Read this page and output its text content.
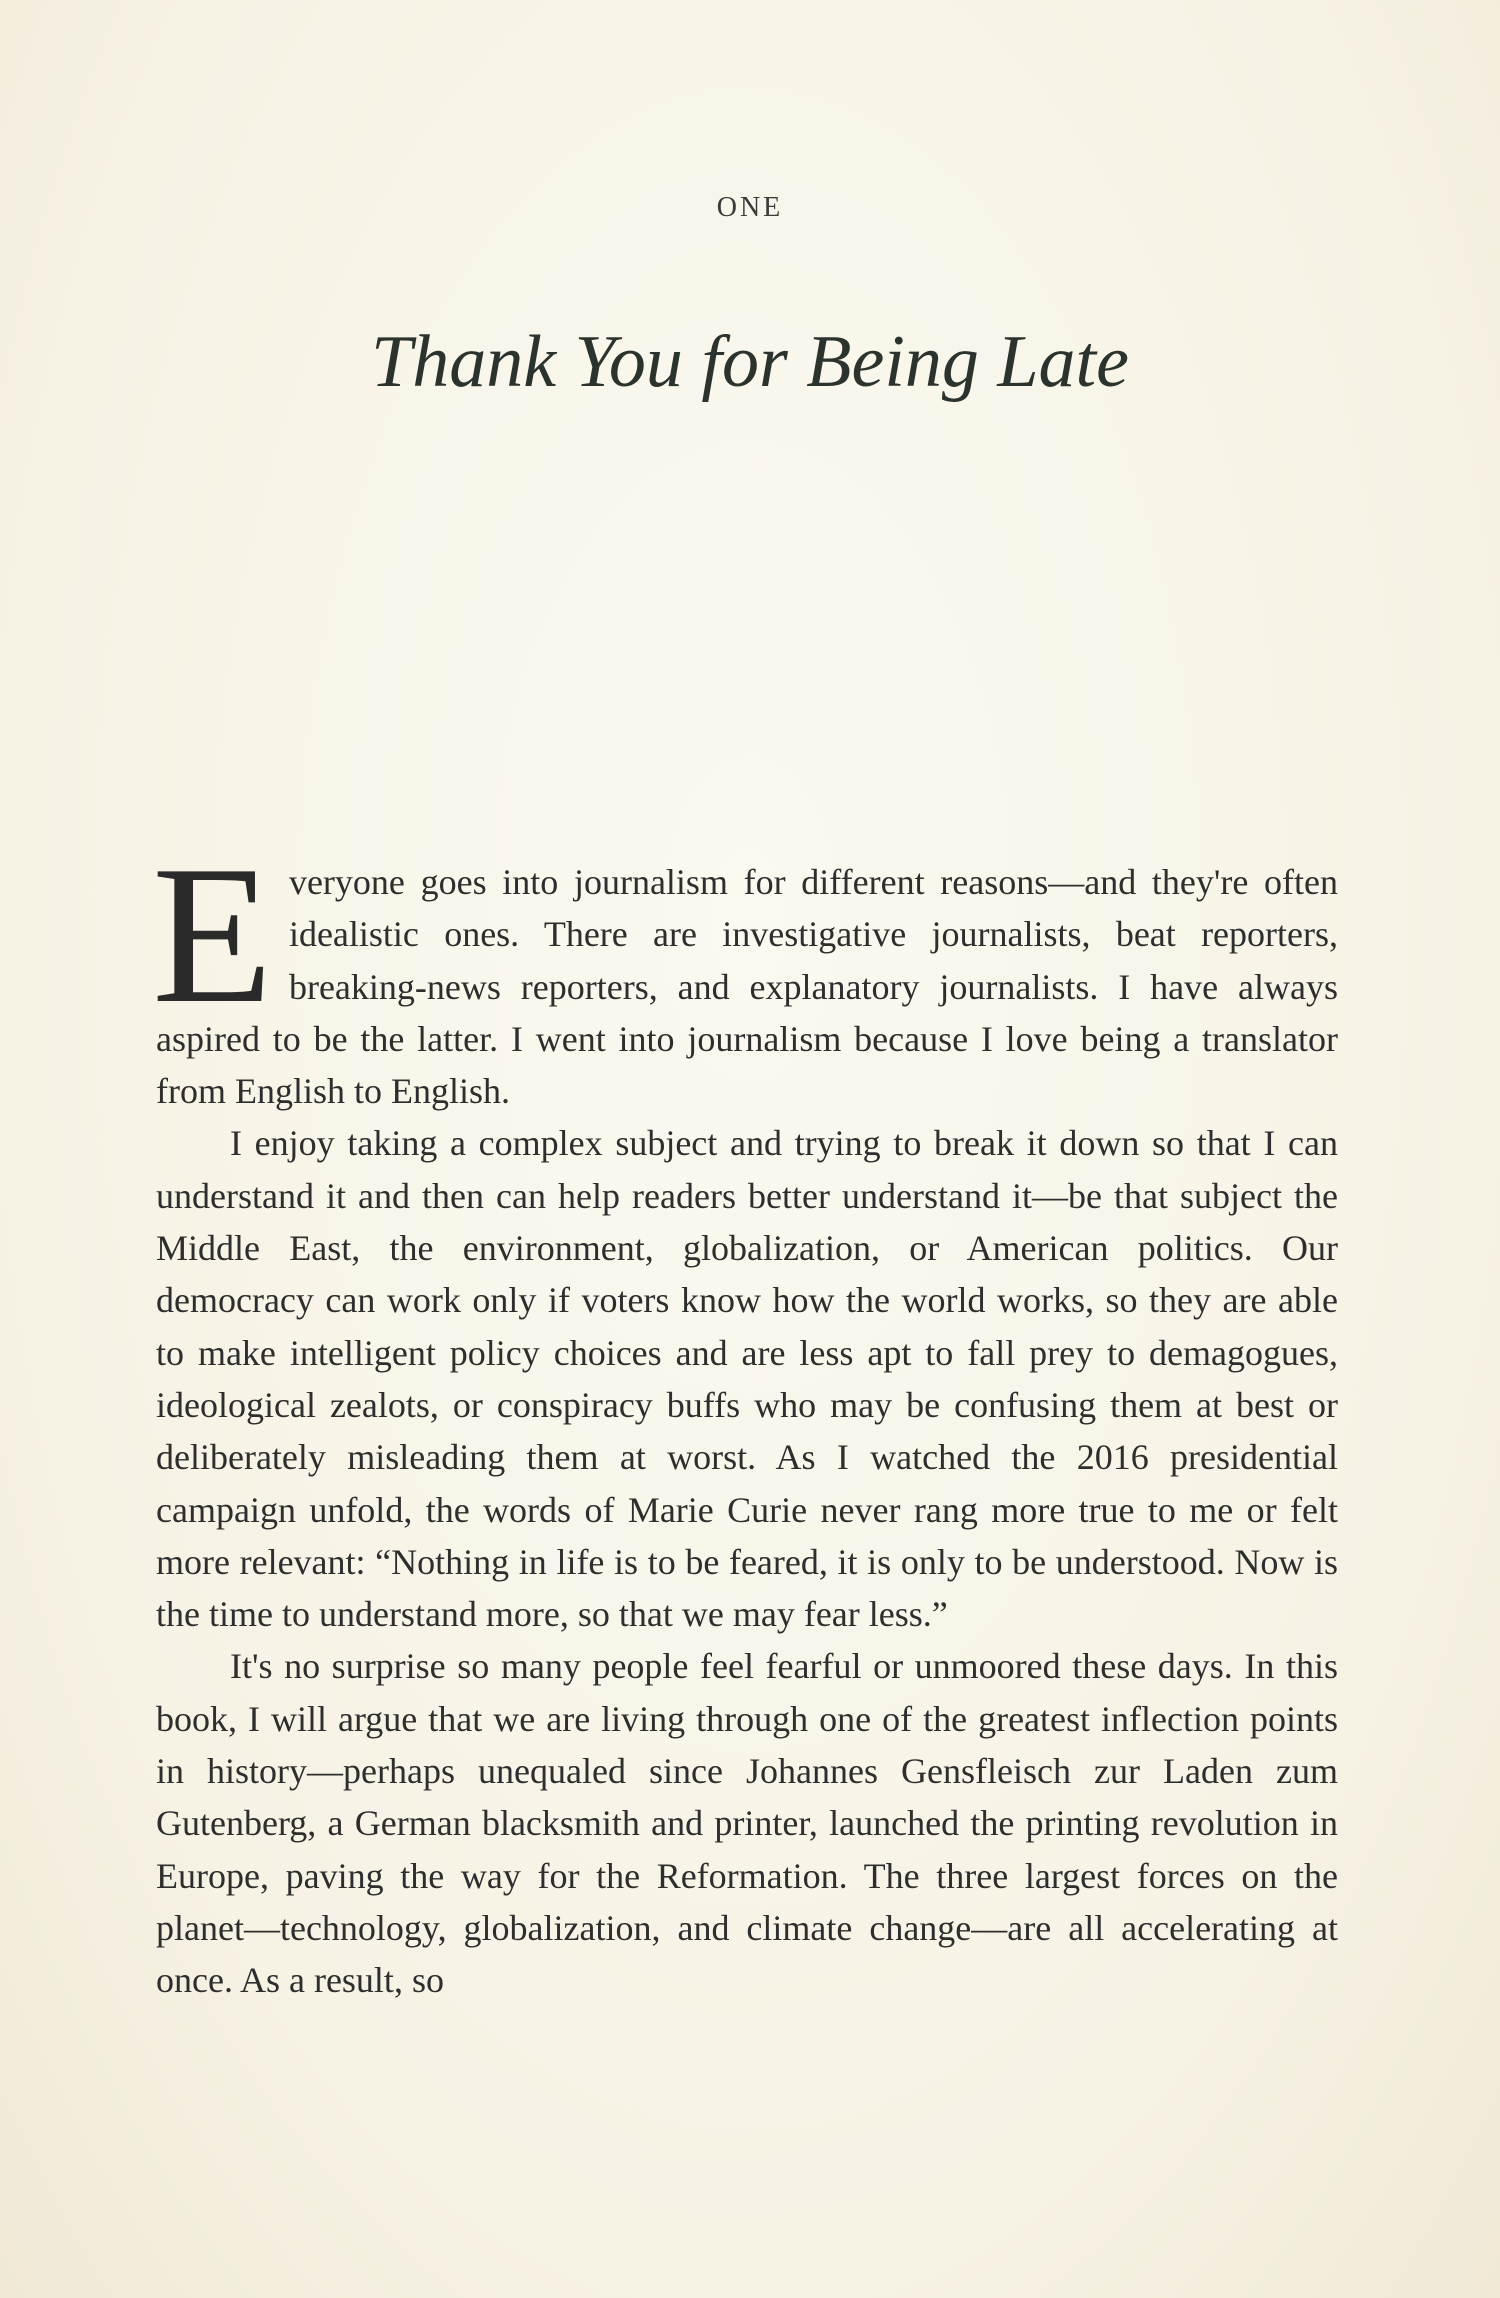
ONE
Thank You for Being Late

Everyone goes into journalism for different reasons—and they're often idealistic ones. There are investigative journalists, beat reporters, breaking-news reporters, and explanatory journalists. I have always aspired to be the latter. I went into journalism because I love being a translator from English to English.

I enjoy taking a complex subject and trying to break it down so that I can understand it and then can help readers better understand it—be that subject the Middle East, the environment, globalization, or American politics. Our democracy can work only if voters know how the world works, so they are able to make intelligent policy choices and are less apt to fall prey to demagogues, ideological zealots, or conspiracy buffs who may be confusing them at best or deliberately misleading them at worst. As I watched the 2016 presidential campaign unfold, the words of Marie Curie never rang more true to me or felt more relevant: “Nothing in life is to be feared, it is only to be understood. Now is the time to understand more, so that we may fear less.”

It's no surprise so many people feel fearful or unmoored these days. In this book, I will argue that we are living through one of the greatest inflection points in history—perhaps unequaled since Johannes Gensfleisch zur Laden zum Gutenberg, a German blacksmith and printer, launched the printing revolution in Europe, paving the way for the Reformation. The three largest forces on the planet—technology, globalization, and climate change—are all accelerating at once. As a result, so
